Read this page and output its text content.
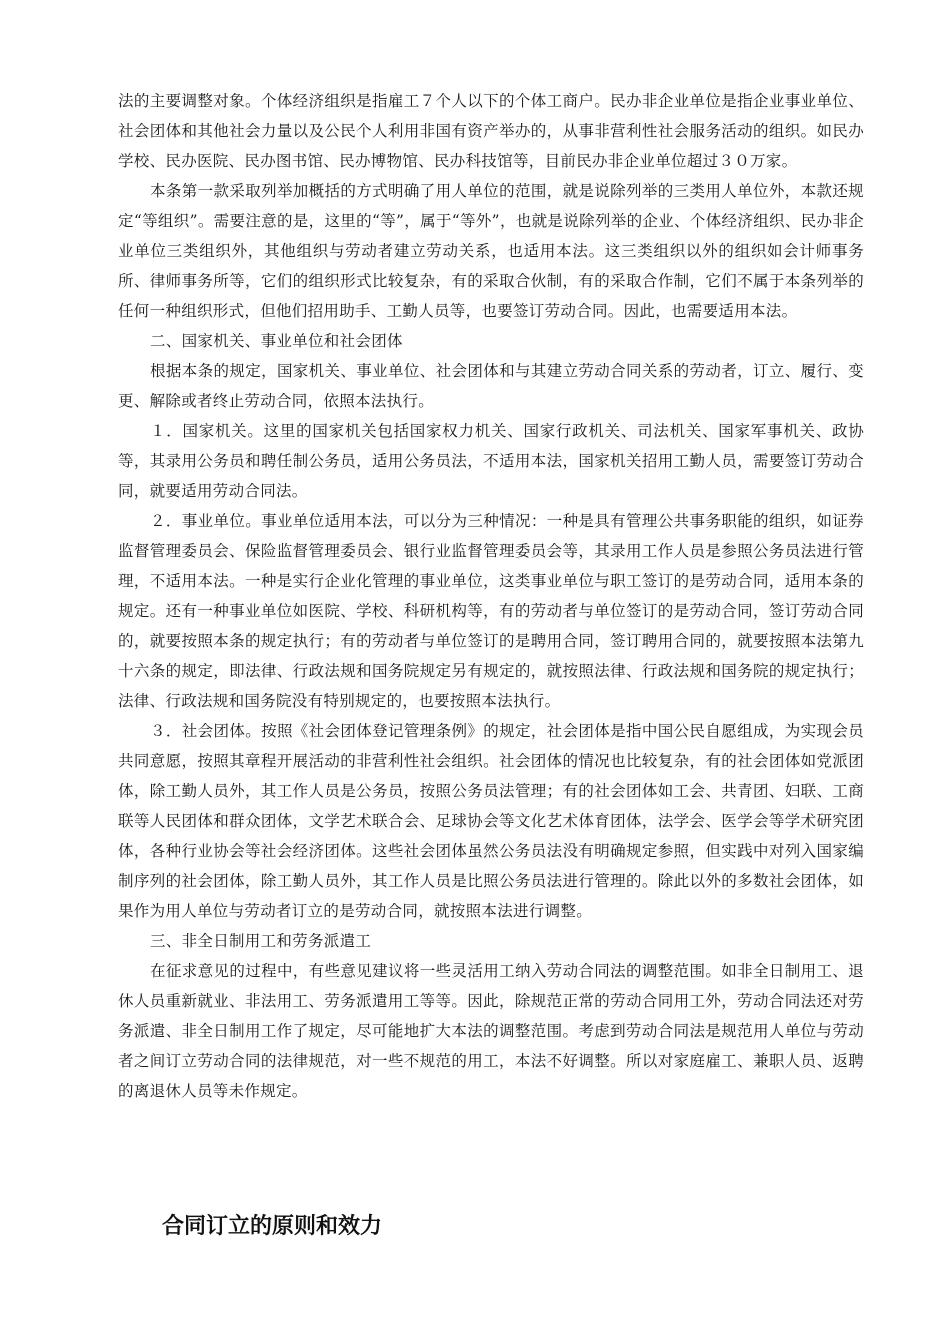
法的主要调整对象。个体经济组织是指雇工７个人以下的个体工商户。民办非企业单位是指企业事业单位、社会团体和其他社会力量以及公民个人利用非国有资产举办的，从事非营利性社会服务活动的组织。如民办学校、民办医院、民办图书馆、民办博物馆、民办科技馆等，目前民办非企业单位超过３０万家。

本条第一款采取列举加概括的方式明确了用人单位的范围，就是说除列举的三类用人单位外，本款还规定“等组织”。需要注意的是，这里的“等”，属于“等外”，也就是说除列举的企业、个体经济组织、民办非企业单位三类组织外，其他组织与劳动者建立劳动关系，也适用本法。这三类组织以外的组织如会计师事务所、律师事务所等，它们的组织形式比较复杂，有的采取合伙制，有的采取合作制，它们不属于本条列举的任何一种组织形式，但他们招用助手、工勤人员等，也要签订劳动合同。因此，也需要适用本法。

二、国家机关、事业单位和社会团体

根据本条的规定，国家机关、事业单位、社会团体和与其建立劳动合同关系的劳动者，订立、履行、变更、解除或者终止劳动合同，依照本法执行。

１．国家机关。这里的国家机关包括国家权力机关、国家行政机关、司法机关、国家军事机关、政协等，其录用公务员和聘任制公务员，适用公务员法，不适用本法，国家机关招用工勤人员，需要签订劳动合同，就要适用劳动合同法。

２．事业单位。事业单位适用本法，可以分为三种情况：一种是具有管理公共事务职能的组织，如证券监督管理委员会、保险监督管理委员会、银行业监督管理委员会等，其录用工作人员是参照公务员法进行管理，不适用本法。一种是实行企业化管理的事业单位，这类事业单位与职工签订的是劳动合同，适用本条的规定。还有一种事业单位如医院、学校、科研机构等，有的劳动者与单位签订的是劳动合同，签订劳动合同的，就要按照本条的规定执行；有的劳动者与单位签订的是聘用合同，签订聘用合同的，就要按照本法第九十六条的规定，即法律、行政法规和国务院规定另有规定的，就按照法律、行政法规和国务院的规定执行；法律、行政法规和国务院没有特别规定的，也要按照本法执行。

３．社会团体。按照《社会团体登记管理条例》的规定，社会团体是指中国公民自愿组成，为实现会员共同意愿，按照其章程开展活动的非营利性社会组织。社会团体的情况也比较复杂，有的社会团体如党派团体，除工勤人员外，其工作人员是公务员，按照公务员法管理；有的社会团体如工会、共青团、妇联、工商联等人民团体和群众团体，文学艺术联合会、足球协会等文化艺术体育团体，法学会、医学会等学术研究团体，各种行业协会等社会经济团体。这些社会团体虽然公务员法没有明确规定参照，但实践中对列入国家编制序列的社会团体，除工勤人员外，其工作人员是比照公务员法进行管理的。除此以外的多数社会团体，如果作为用人单位与劳动者订立的是劳动合同，就按照本法进行调整。

三、非全日制用工和劳务派遣工

在征求意见的过程中，有些意见建议将一些灵活用工纳入劳动合同法的调整范围。如非全日制用工、退休人员重新就业、非法用工、劳务派遣用工等等。因此，除规范正常的劳动合同用工外，劳动合同法还对劳务派遣、非全日制用工作了规定，尽可能地扩大本法的调整范围。考虑到劳动合同法是规范用人单位与劳动者之间订立劳动合同的法律规范，对一些不规范的用工，本法不好调整。所以对家庭雇工、兼职人员、返聘的离退休人员等未作规定。

合同订立的原则和效力
